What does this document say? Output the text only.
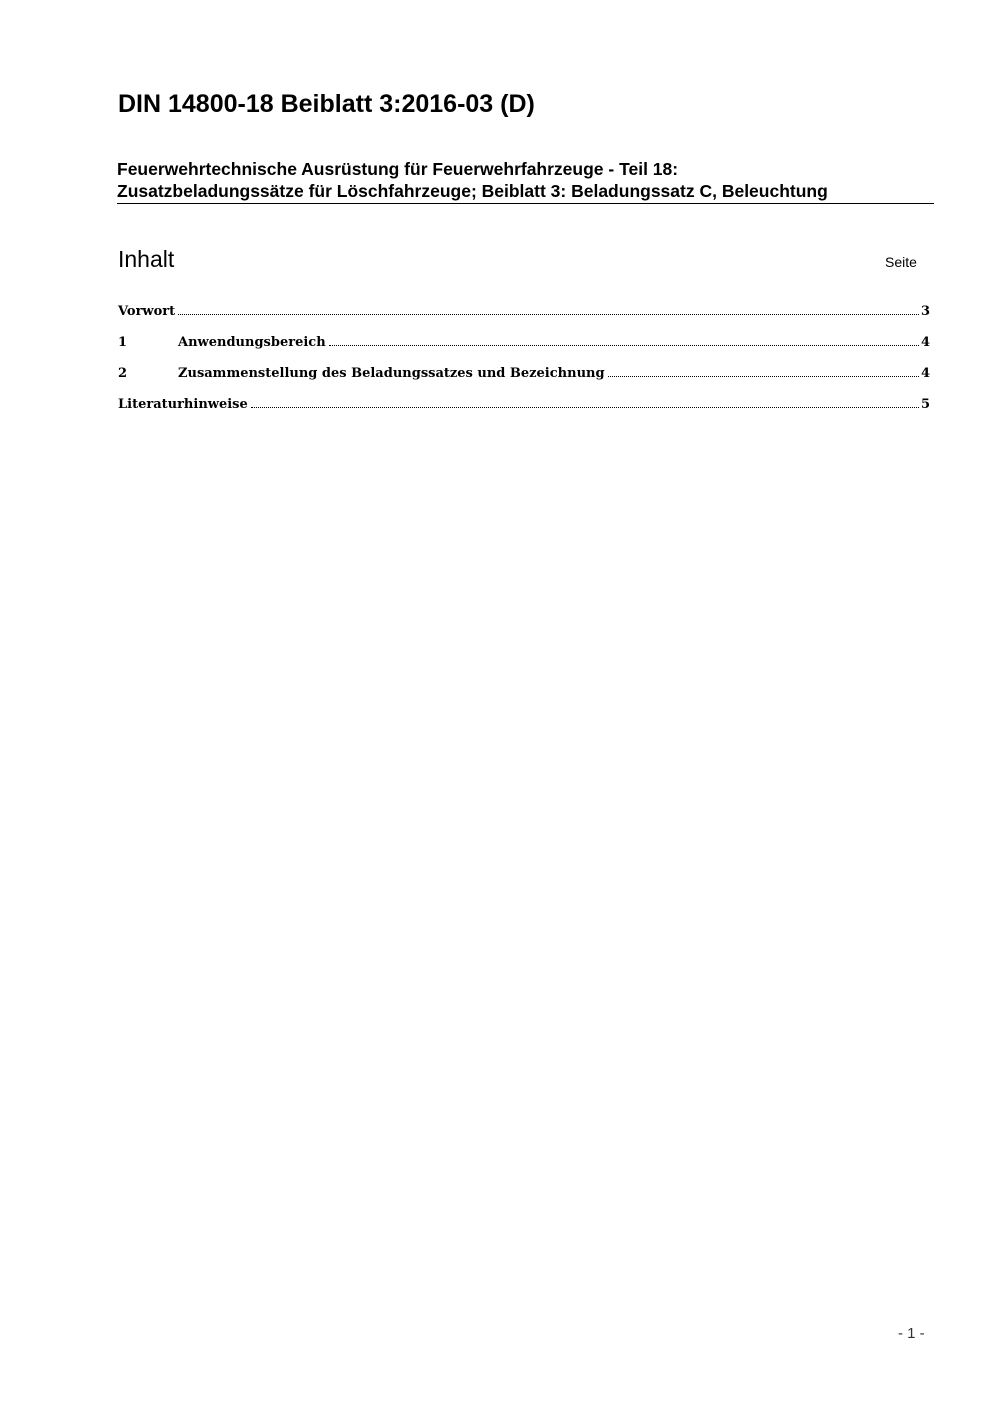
DIN 14800-18 Beiblatt 3:2016-03 (D)
Feuerwehrtechnische Ausrüstung für Feuerwehrfahrzeuge - Teil 18:
Zusatzbeladungssätze für Löschfahrzeuge; Beiblatt 3: Beladungssatz C, Beleuchtung
Inhalt	Seite
Vorwort	3
1	Anwendungsbereich	4
2	Zusammenstellung des Beladungssatzes und Bezeichnung	4
Literaturhinweise	5
- 1 -
